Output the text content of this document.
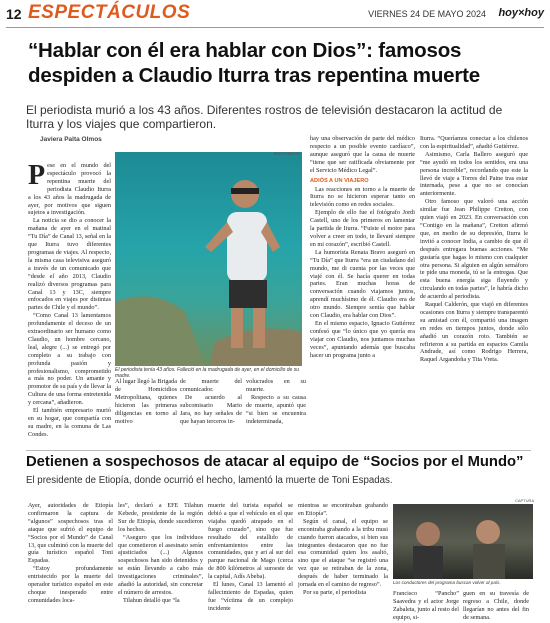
12 ESPECTÁCULOS	VIERNES 24 DE MAYO 2024 hoy×hoy
“Hablar con él era hablar con Dios”: famosos despiden a Claudio Iturra tras repentina muerte
El periodista murió a los 43 años. Diferentes rostros de televisión destacaron la actitud de Iturra y los viajes que compartieron.
Javiera Palta Olmos
P ese en el mundo del espectáculo provocó la repentina muerte del periodista Claudio Iturra a los 43 años la madrugada de ayer, por motivos que siguen sujetos a investigación.

La noticia se dio a conocer la mañana de ayer en el matinal “Tu Día” de Canal 13, señal en la que Iturra tuvo diferentes programas de viajes. Al respecto, la misma casa televisiva aseguró a través de un comunicado que “desde el año 2013, Claudio realizó diversos programas para Canal 13 y 13C, siempre enfocados en viajes por distintas partes de Chile y el mundo”.

“Como Canal 13 lamentamos profundamente el deceso de un extraordinario ser humano como Claudio, un hombre cercano, leal, alegre (...) se entregó por completo a su trabajo con profunda pasión y profesionalismo, comprometido a más no poder. Un amante y promotor de su país y de llevar la Cultura de una forma entretenida y cercana”, añadieron.

El también empresario murió en su hogar, que compartía con su madre, en la comuna de Las Condes.

INSTAGRAM
El periodista tenía 43 años. Falleció en la madrugada de ayer, en el domicilio de su madre.

Al lugar llegó la Brigada de Homicidios Metropolitana, quienes hicieron las primeras diligencias en torno al motivo

de muerte del comunicador.

De acuerdo al subcomisario Mario Jara, no hay señales de que hayan terceros in-

volucrados en su muerte.

Respecto a su causa de muerte, apuntó que “si bien se encuentra indeterminada,

hay una observación de parte del médico respecto a un posible evento cardíaco”, aunque aseguró que la causa de muerte “tiene que ser ratificada obviamente por el Servicio Médico Legal”.

ADIÓS A UN VIAJERO

Las reacciones en torno a la muerte de Iturra no se hicieron esperar tanto en televisión como en redes sociales.

Ejemplo de ello fue el fotógrafo Jordi Castell, uno de los primeros en lamentar la partida de Iturra. “Fuiste el motor para volver a creer en todo, te llevaré siempre en mi corazón”, escribió Castell.

La humorista Renata Bravo aseguró en “Tu Día” que Iturra “era un ciudadano del mundo, me di cuenta por las veces que viajé con él. Se hacía querer en todas partes. Eran muchas horas de conversación cuando viajamos juntos, aprendí muchísimo de él. Claudio era de otro mundo. Siempre sentía que hablar con Claudio, era hablar con Dios”.

En el mismo espacio, Ignacio Gutiérrez confesó que “lo único que yo quería era viajar con Claudio, nos juntamos muchas veces”, apuntando además que buscaba hacer un programa junto a

Iturra. “Queríamos conectar a los chilenos con la espiritualidad”, añadió Gutiérrez.

Asimismo, Carla Ballero aseguró que “me ayudó en todos los sentidos, era una persona increíble”, recordando que este la llevó de viaje a Torres del Paine tras estar internada, pese a que no se conocían anteriormente.

Otro famoso que valoró una acción similar fue Jean Philippe Cretton, con quien viajó en 2023. En conversación con “Contigo en la mañana”, Cretton afirmó que, en medio de su depresión, Iturra le invitó a conocer India, a cambio de que él después entregara buenas acciones. “Me gustaría que hagas lo mismo con cualquier otra persona. Si alguien en algún semáforo te pide una moneda, tú se la entregas. Que esta buena energía siga fluyendo y circulando en todas partes”, le habría dicho de acuerdo al periodista.

Raquel Calderón, que viajó en diferentes ocasiones con Iturra y siempre transparentó su amistad con él, compartió una imagen en redes en tiempos juntos, donde sólo añadió un corazón roto. También se refirieron a su partida en espacios Camila Andrade, así como Rodrigo Herrera, Raquel Argandoña y Tita Vreta.

Detienen a sospechosos de atacar al equipo de “Socios por el Mundo”
El presidente de Etiopía, donde ocurrió el hecho, lamentó la muerte de Toni Espadas.

Ayer, autoridades de Etiopía confirmaron la captura de “algunos” sospechosos tras el ataque que sufrió el equipo de “Socios por el Mundo” de Canal 13, que culminó con la muerte del guía turístico español Toni Espadas.

“Estoy profundamente entristecido por la muerte del operador turístico español en este choque inesperado entre comunidades loca-

les”, declaró a EFE Tilahun Kebede, presidente de la región Sur de Etiopía, donde sucedieron los hechos.

“Aseguro que los individuos que cometieron el asesinato serán ajusticiados (...) Algunos sospechosos han sido detenidos y se están llevando a cabo más investigaciones criminales”, añadió la autoridad, sin concretar el número de arrestos.

Tilahun detalló que “la

muerte del turista español se debió a que el vehículo en el que viajaba quedó atrapado en el fuego cruzado”, sino que fue resultado del estallido de enfrentamientos entre las comunidades, que y ari al sur del parque nacional de Mago (cerca de 800 kilómetros al suroeste de la capital, Adís Abeba).

El lunes, Canal 13 lamentó el fallecimiento de Espadas, quien fue “víctima de un complejo incidente

mientras se encontraban grabando en Etiopía”.

Según el canal, el equipo se encontraba grabando a la tribu musi cuando fueron atacados, si bien sus integrantes destacaron que no fue esa comunidad quien los asaltó, sino que el ataque “se registró una vez que se retiraban de la zona, después de haber terminado la jornada en el camino de regreso”.

Por su parte, el periodista

CAPTURA
Los conductores del programa buscan volver al país.

Francisco “Pancho” Saavedra y el actor Jorge Zabaleta, junto al resto del equipo, si-

guen en su travesía de regreso a Chile, donde llegarían no antes del fin de semana.
